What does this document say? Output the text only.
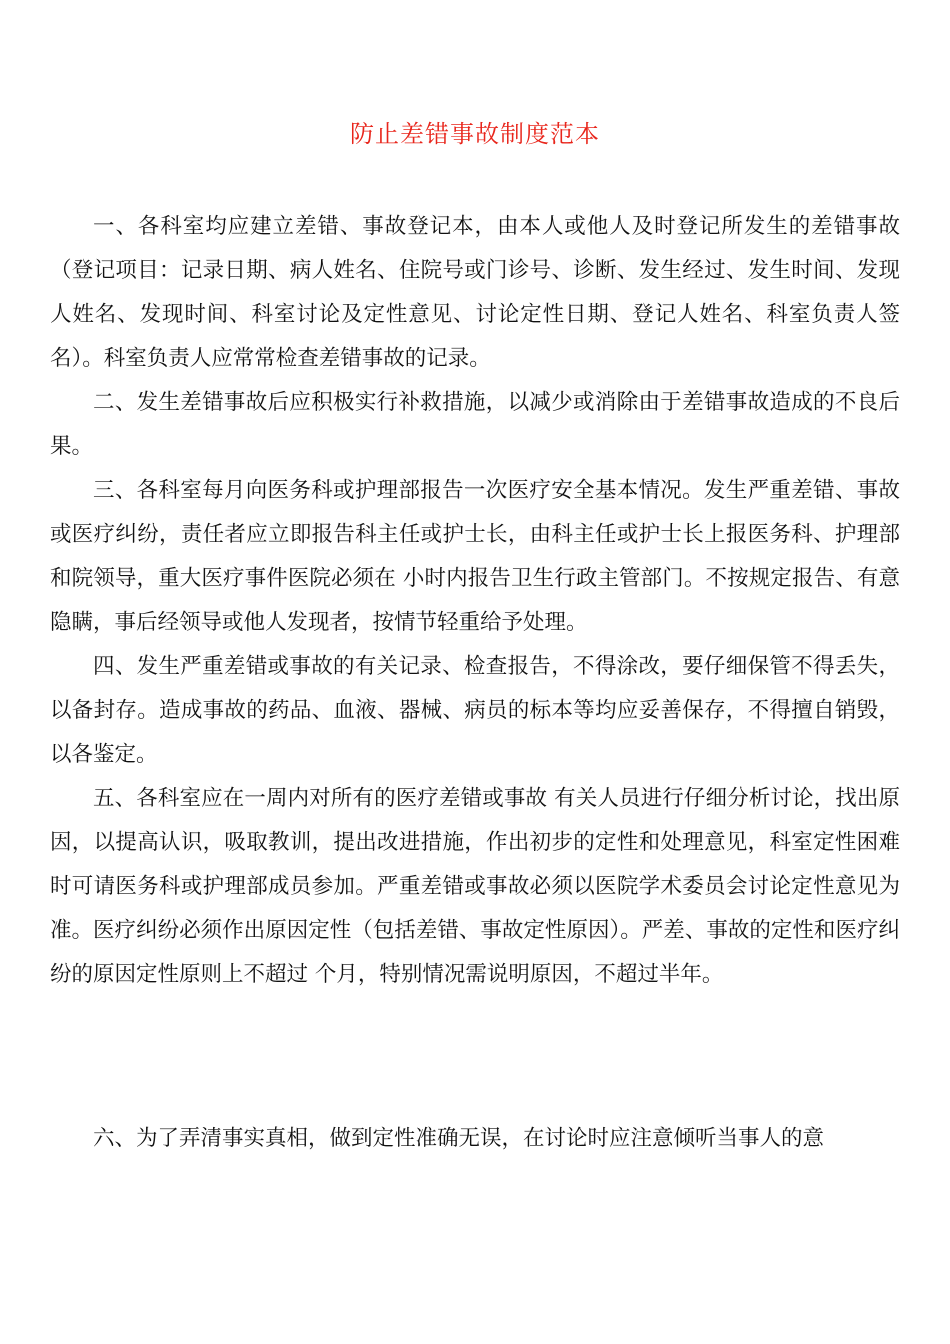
防止差错事故制度范本

一、各科室均应建立差错、事故登记本，由本人或他人及时登记所发生的差错事故（登记项目：记录日期、病人姓名、住院号或门诊号、诊断、发生经过、发生时间、发现人姓名、发现时间、科室讨论及定性意见、讨论定性日期、登记人姓名、科室负责人签名）。科室负责人应常常检查差错事故的记录。

二、发生差错事故后应积极实行补救措施，以减少或消除由于差错事故造成的不良后果。

三、各科室每月向医务科或护理部报告一次医疗安全基本情况。发生严重差错、事故或医疗纠纷，责任者应立即报告科主任或护士长，由科主任或护士长上报医务科、护理部和院领导，重大医疗事件医院必须在 小时内报告卫生行政主管部门。不按规定报告、有意隐瞒，事后经领导或他人发现者，按情节轻重给予处理。

四、发生严重差错或事故的有关记录、检查报告，不得涂改，要仔细保管不得丢失，以备封存。造成事故的药品、血液、器械、病员的标本等均应妥善保存，不得擅自销毁，以各鉴定。

五、各科室应在一周内对所有的医疗差错或事故 有关人员进行仔细分析讨论，找出原因，以提高认识，吸取教训，提出改进措施，作出初步的定性和处理意见，科室定性困难时可请医务科或护理部成员参加。严重差错或事故必须以医院学术委员会讨论定性意见为准。医疗纠纷必须作出原因定性（包括差错、事故定性原因）。严差、事故的定性和医疗纠纷的原因定性原则上不超过 个月，特别情况需说明原因，不超过半年。

六、为了弄清事实真相，做到定性准确无误，在讨论时应注意倾听当事人的意
